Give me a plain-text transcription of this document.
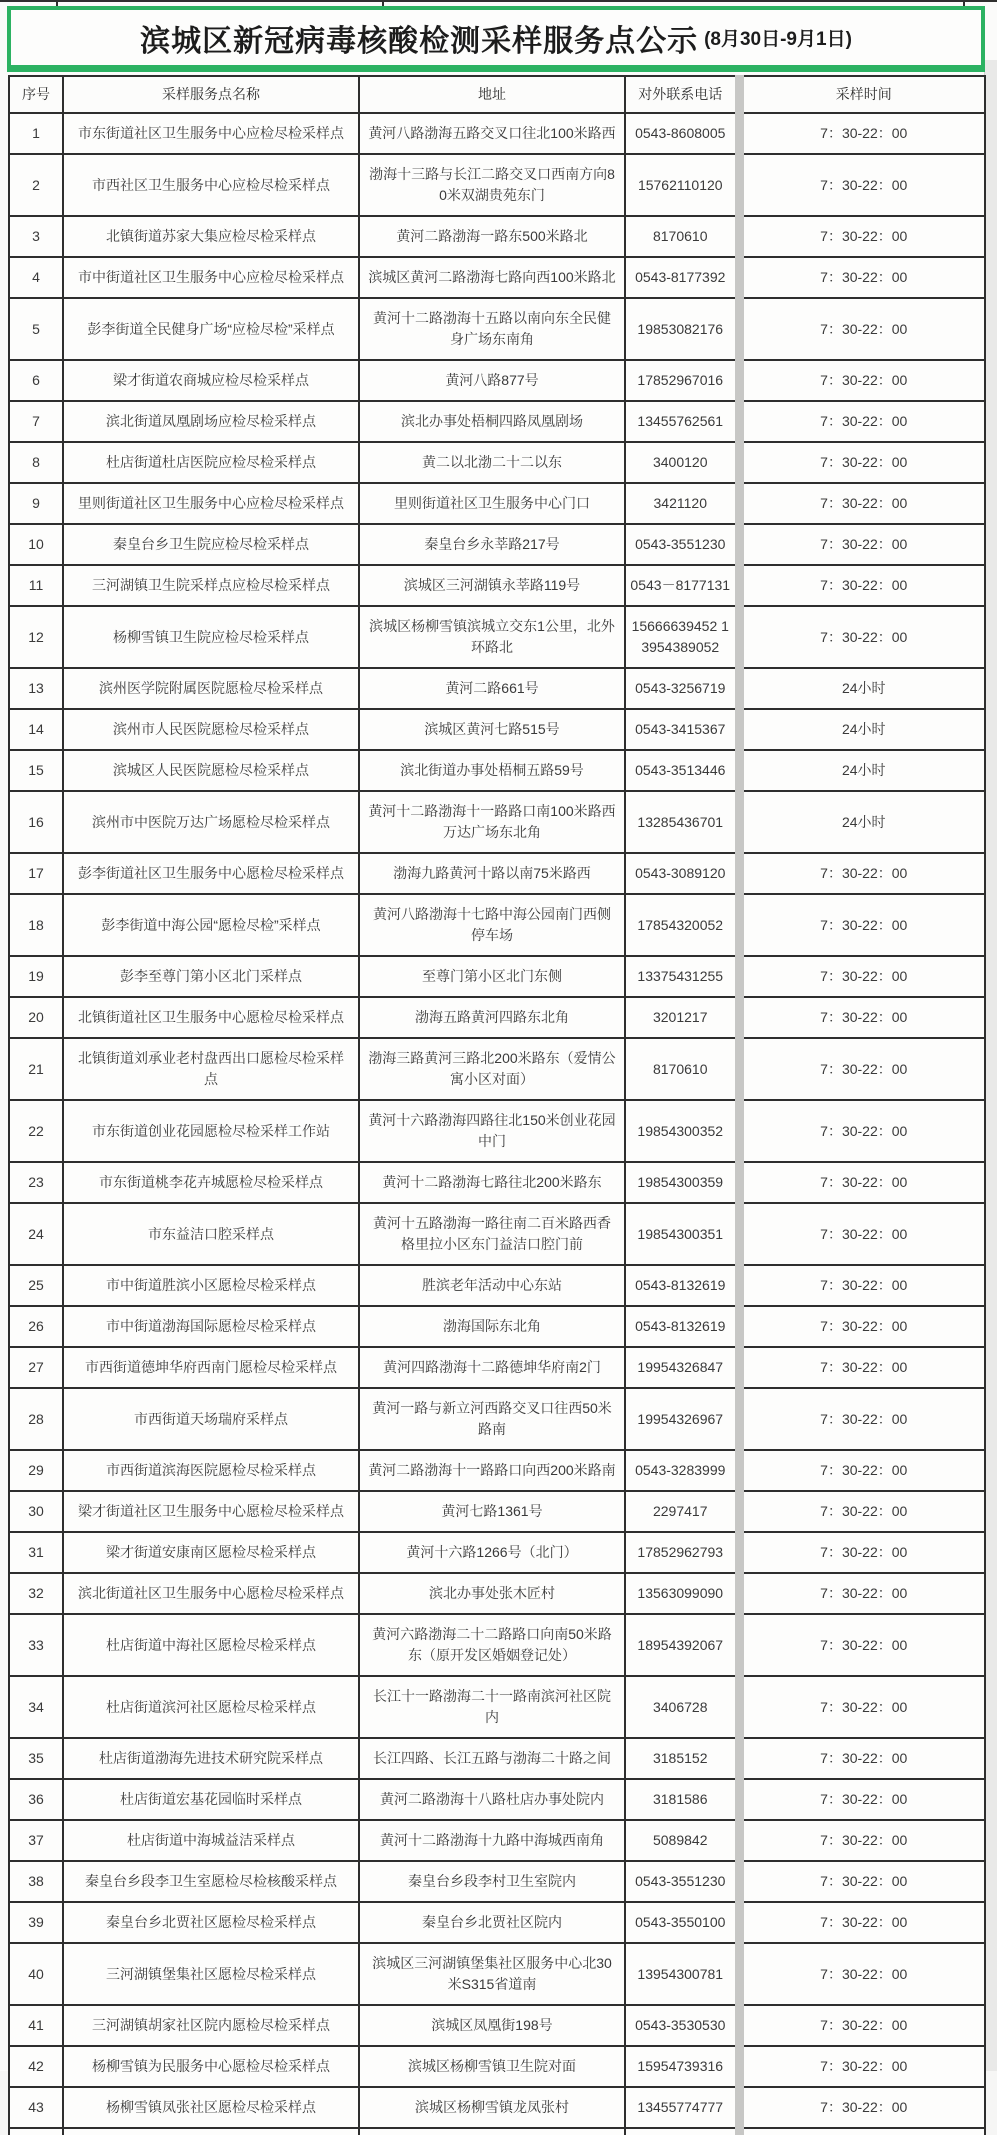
滨城区新冠病毒核酸检测采样服务点公示 (8月30日-9月1日)
序号	采样服务点名称	地址	对外联系电话	采样时间
1	市东街道社区卫生服务中心应检尽检采样点	黄河八路渤海五路交叉口往北100米路西	0543-8608005	7：30-22：00
2	市西社区卫生服务中心应检尽检采样点	渤海十三路与长江二路交叉口西南方向80米双湖贵苑东门	15762110120	7：30-22：00
3	北镇街道苏家大集应检尽检采样点	黄河二路渤海一路东500米路北	8170610	7：30-22：00
4	市中街道社区卫生服务中心应检尽检采样点	滨城区黄河二路渤海七路向西100米路北	0543-8177392	7：30-22：00
5	彭李街道全民健身广场“应检尽检”采样点	黄河十二路渤海十五路以南向东全民健身广场东南角	19853082176	7：30-22：00
6	梁才街道农商城应检尽检采样点	黄河八路877号	17852967016	7：30-22：00
7	滨北街道凤凰剧场应检尽检采样点	滨北办事处梧桐四路凤凰剧场	13455762561	7：30-22：00
8	杜店街道杜店医院应检尽检采样点	黄二以北渤二十二以东	3400120	7：30-22：00
9	里则街道社区卫生服务中心应检尽检采样点	里则街道社区卫生服务中心门口	3421120	7：30-22：00
10	秦皇台乡卫生院应检尽检采样点	秦皇台乡永莘路217号	0543-3551230	7：30-22：00
11	三河湖镇卫生院采样点应检尽检采样点	滨城区三河湖镇永莘路119号	0543－8177131	7：30-22：00
12	杨柳雪镇卫生院应检尽检采样点	滨城区杨柳雪镇滨城立交东1公里，北外环路北	15666639452 13954389052	7：30-22：00
13	滨州医学院附属医院愿检尽检采样点	黄河二路661号	0543-3256719	24小时
14	滨州市人民医院愿检尽检采样点	滨城区黄河七路515号	0543-3415367	24小时
15	滨城区人民医院愿检尽检采样点	滨北街道办事处梧桐五路59号	0543-3513446	24小时
16	滨州市中医院万达广场愿检尽检采样点	黄河十二路渤海十一路路口南100米路西万达广场东北角	13285436701	24小时
17	彭李街道社区卫生服务中心愿检尽检采样点	渤海九路黄河十路以南75米路西	0543-3089120	7：30-22：00
18	彭李街道中海公园“愿检尽检”采样点	黄河八路渤海十七路中海公园南门西侧停车场	17854320052	7：30-22：00
19	彭李至尊门第小区北门采样点	至尊门第小区北门东侧	13375431255	7：30-22：00
20	北镇街道社区卫生服务中心愿检尽检采样点	渤海五路黄河四路东北角	3201217	7：30-22：00
21	北镇街道刘承业老村盘西出口愿检尽检采样点	渤海三路黄河三路北200米路东（爱情公寓小区对面）	8170610	7：30-22：00
22	市东街道创业花园愿检尽检采样工作站	黄河十六路渤海四路往北150米创业花园中门	19854300352	7：30-22：00
23	市东街道桃李花卉城愿检尽检采样点	黄河十二路渤海七路往北200米路东	19854300359	7：30-22：00
24	市东益洁口腔采样点	黄河十五路渤海一路往南二百米路西香格里拉小区东门益洁口腔门前	19854300351	7：30-22：00
25	市中街道胜滨小区愿检尽检采样点	胜滨老年活动中心东站	0543-8132619	7：30-22：00
26	市中街道渤海国际愿检尽检采样点	渤海国际东北角	0543-8132619	7：30-22：00
27	市西街道德坤华府西南门愿检尽检采样点	黄河四路渤海十二路德坤华府南2门	19954326847	7：30-22：00
28	市西街道天场瑞府采样点	黄河一路与新立河西路交叉口往西50米路南	19954326967	7：30-22：00
29	市西街道滨海医院愿检尽检采样点	黄河二路渤海十一路路口向西200米路南	0543-3283999	7：30-22：00
30	梁才街道社区卫生服务中心愿检尽检采样点	黄河七路1361号	2297417	7：30-22：00
31	梁才街道安康南区愿检尽检采样点	黄河十六路1266号（北门）	17852962793	7：30-22：00
32	滨北街道社区卫生服务中心愿检尽检采样点	滨北办事处张木匠村	13563099090	7：30-22：00
33	杜店街道中海社区愿检尽检采样点	黄河六路渤海二十二路路口向南50米路东（原开发区婚姻登记处）	18954392067	7：30-22：00
34	杜店街道滨河社区愿检尽检采样点	长江十一路渤海二十一路南滨河社区院内	3406728	7：30-22：00
35	杜店街道渤海先进技术研究院采样点	长江四路、长江五路与渤海二十路之间	3185152	7：30-22：00
36	杜店街道宏基花园临时采样点	黄河二路渤海十八路杜店办事处院内	3181586	7：30-22：00
37	杜店街道中海城益洁采样点	黄河十二路渤海十九路中海城西南角	5089842	7：30-22：00
38	秦皇台乡段李卫生室愿检尽检核酸采样点	秦皇台乡段李村卫生室院内	0543-3551230	7：30-22：00
39	秦皇台乡北贾社区愿检尽检采样点	秦皇台乡北贾社区院内	0543-3550100	7：30-22：00
40	三河湖镇堡集社区愿检尽检采样点	滨城区三河湖镇堡集社区服务中心北30米S315省道南	13954300781	7：30-22：00
41	三河湖镇胡家社区院内愿检尽检采样点	滨城区凤凰街198号	0543-3530530	7：30-22：00
42	杨柳雪镇为民服务中心愿检尽检采样点	滨城区杨柳雪镇卫生院对面	15954739316	7：30-22：00
43	杨柳雪镇凤张社区愿检尽检采样点	滨城区杨柳雪镇龙凤张村	13455774777	7：30-22：00
